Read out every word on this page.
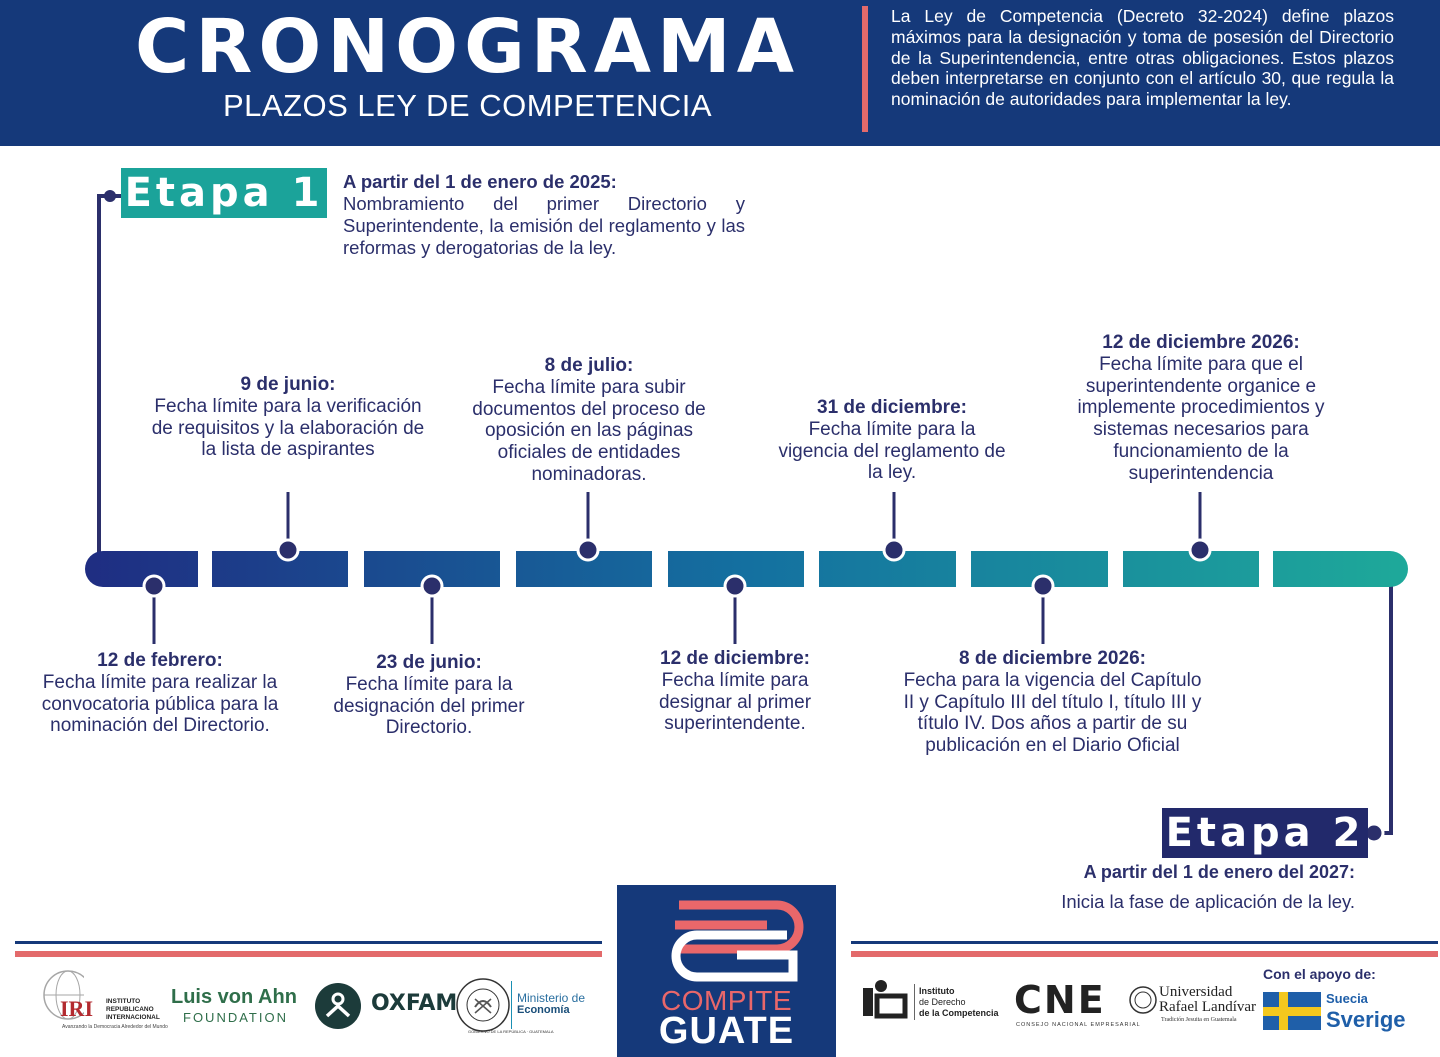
CRONOGRAMA
PLAZOS LEY DE COMPETENCIA
La Ley de Competencia (Decreto 32-2024) define plazos máximos para la designación y toma de posesión del Directorio de la Superintendencia, entre otras obligaciones. Estos plazos deben interpretarse en conjunto con el artículo 30, que regula la nominación de autoridades para implementar la ley.
Etapa 1 A partir del 1 de enero de 2025:
Nombramiento del primer Directorio y Superintendente, la emisión del reglamento y las reformas y derogatorias de la ley.
9 de junio:
Fecha límite para la verificación de requisitos y la elaboración de la lista de aspirantes
8 de julio:
Fecha límite para subir documentos del proceso de oposición en las páginas oficiales de entidades nominadoras.
31 de diciembre:
Fecha límite para la vigencia del reglamento de la ley.
12 de diciembre 2026:
Fecha límite para que el superintendente organice e implemente procedimientos y sistemas necesarios para funcionamiento de la superintendencia
12 de febrero:
Fecha límite para realizar la convocatoria pública para la nominación del Directorio.
23 de junio:
Fecha límite para la designación del primer Directorio.
12 de diciembre:
Fecha límite para designar al primer superintendente.
8 de diciembre 2026:
Fecha para la vigencia del Capítulo II y Capítulo III del título I, título III y título IV. Dos años a partir de su publicación en el Diario Oficial
Etapa 2
A partir del 1 de enero del 2027:
Inicia la fase de aplicación de la ley.
COMPITE
GUATE
IRI INSTITUTO
REPUBLICANO
INTERNACIONAL
Avanzando la Democracia Alrededor del Mundo
Luis von Ahn
FOUNDATION
OXFAM
GOBIERNO DE LA REPÚBLICA · GUATEMALA
Ministerio de
Economía
Instituto
de Derecho
de la Competencia CNE
CONSEJO NACIONAL EMPRESARIAL
Universidad
Rafael Landívar
Tradición Jesuita en Guatemala
Con el apoyo de:
Suecia
Sverige
